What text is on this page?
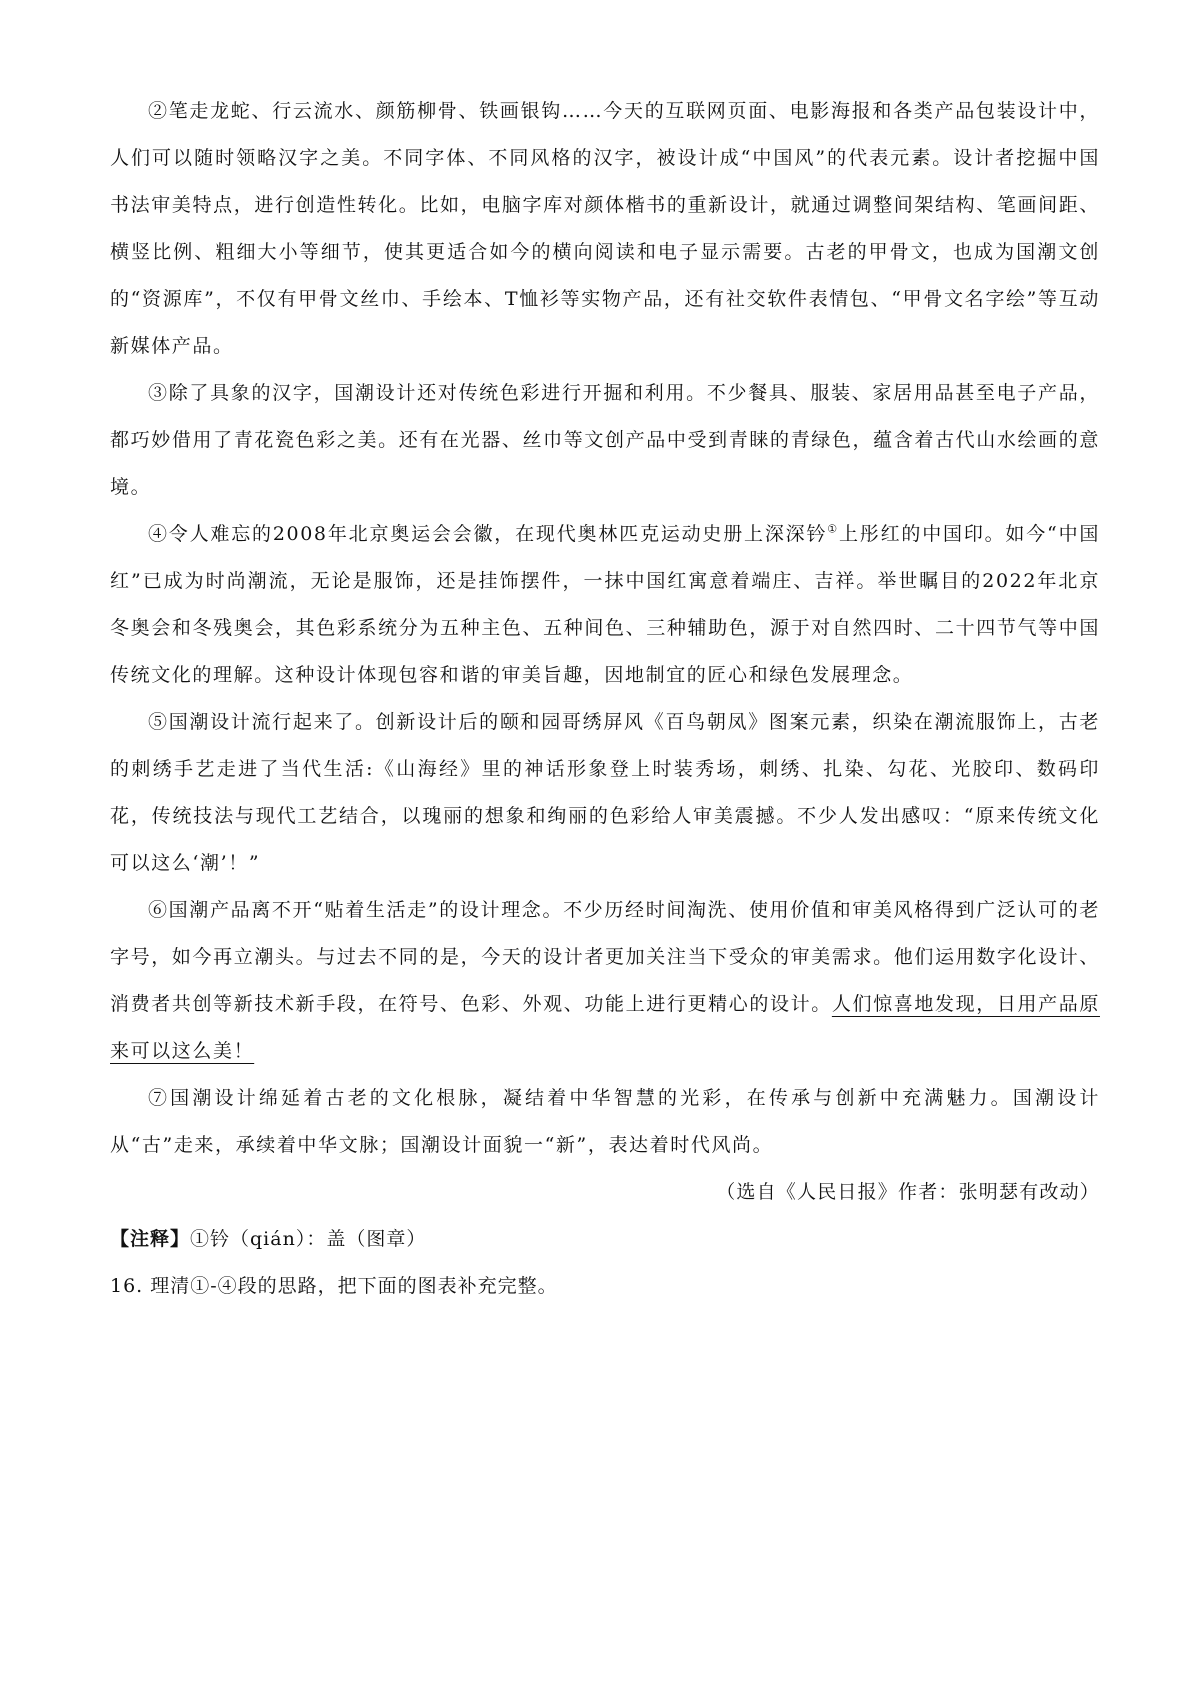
②笔走龙蛇、行云流水、颜筋柳骨、铁画银钩……今天的互联网页面、电影海报和各类产品包装设计中，人们可以随时领略汉字之美。不同字体、不同风格的汉字，被设计成“中国风”的代表元素。设计者挖掘中国书法审美特点，进行创造性转化。比如，电脑字库对颜体楷书的重新设计，就通过调整间架结构、笔画间距、横竖比例、粗细大小等细节，使其更适合如今的横向阅读和电子显示需要。古老的甲骨文，也成为国潮文创的“资源库”，不仅有甲骨文丝巾、手绘本、T恤衫等实物产品，还有社交软件表情包、“甲骨文名字绘”等互动新媒体产品。

③除了具象的汉字，国潮设计还对传统色彩进行开掘和利用。不少餐具、服装、家居用品甚至电子产品，都巧妙借用了青花瓷色彩之美。还有在光器、丝巾等文创产品中受到青睐的青绿色，蕴含着古代山水绘画的意境。

④令人难忘的2008年北京奥运会会徽，在现代奥林匹克运动史册上深深钤①上彤红的中国印。如今“中国红”已成为时尚潮流，无论是服饰，还是挂饰摆件，一抹中国红寓意着端庄、吉祥。举世瞩目的2022年北京冬奥会和冬残奥会，其色彩系统分为五种主色、五种间色、三种辅助色，源于对自然四时、二十四节气等中国传统文化的理解。这种设计体现包容和谐的审美旨趣，因地制宜的匠心和绿色发展理念。

⑤国潮设计流行起来了。创新设计后的颐和园哥绣屏风《百鸟朝凤》图案元素，织染在潮流服饰上，古老的刺绣手艺走进了当代生活:《山海经》里的神话形象登上时装秀场，刺绣、扎染、勾花、光胶印、数码印花，传统技法与现代工艺结合，以瑰丽的想象和绚丽的色彩给人审美震撼。不少人发出感叹：“原来传统文化可以这么‘潮’！”

⑥国潮产品离不开“贴着生活走”的设计理念。不少历经时间淘洗、使用价值和审美风格得到广泛认可的老字号，如今再立潮头。与过去不同的是，今天的设计者更加关注当下受众的审美需求。他们运用数字化设计、消费者共创等新技术新手段，在符号、色彩、外观、功能上进行更精心的设计。人们惊喜地发现，日用产品原来可以这么美！

⑦国潮设计绵延着古老的文化根脉，凝结着中华智慧的光彩，在传承与创新中充满魅力。国潮设计从“古”走来，承续着中华文脉；国潮设计面貌一“新”，表达着时代风尚。

（选自《人民日报》作者：张明瑟有改动）

【注释】①钤（qián）：盖（图章）

16. 理清①-④段的思路，把下面的图表补充完整。
